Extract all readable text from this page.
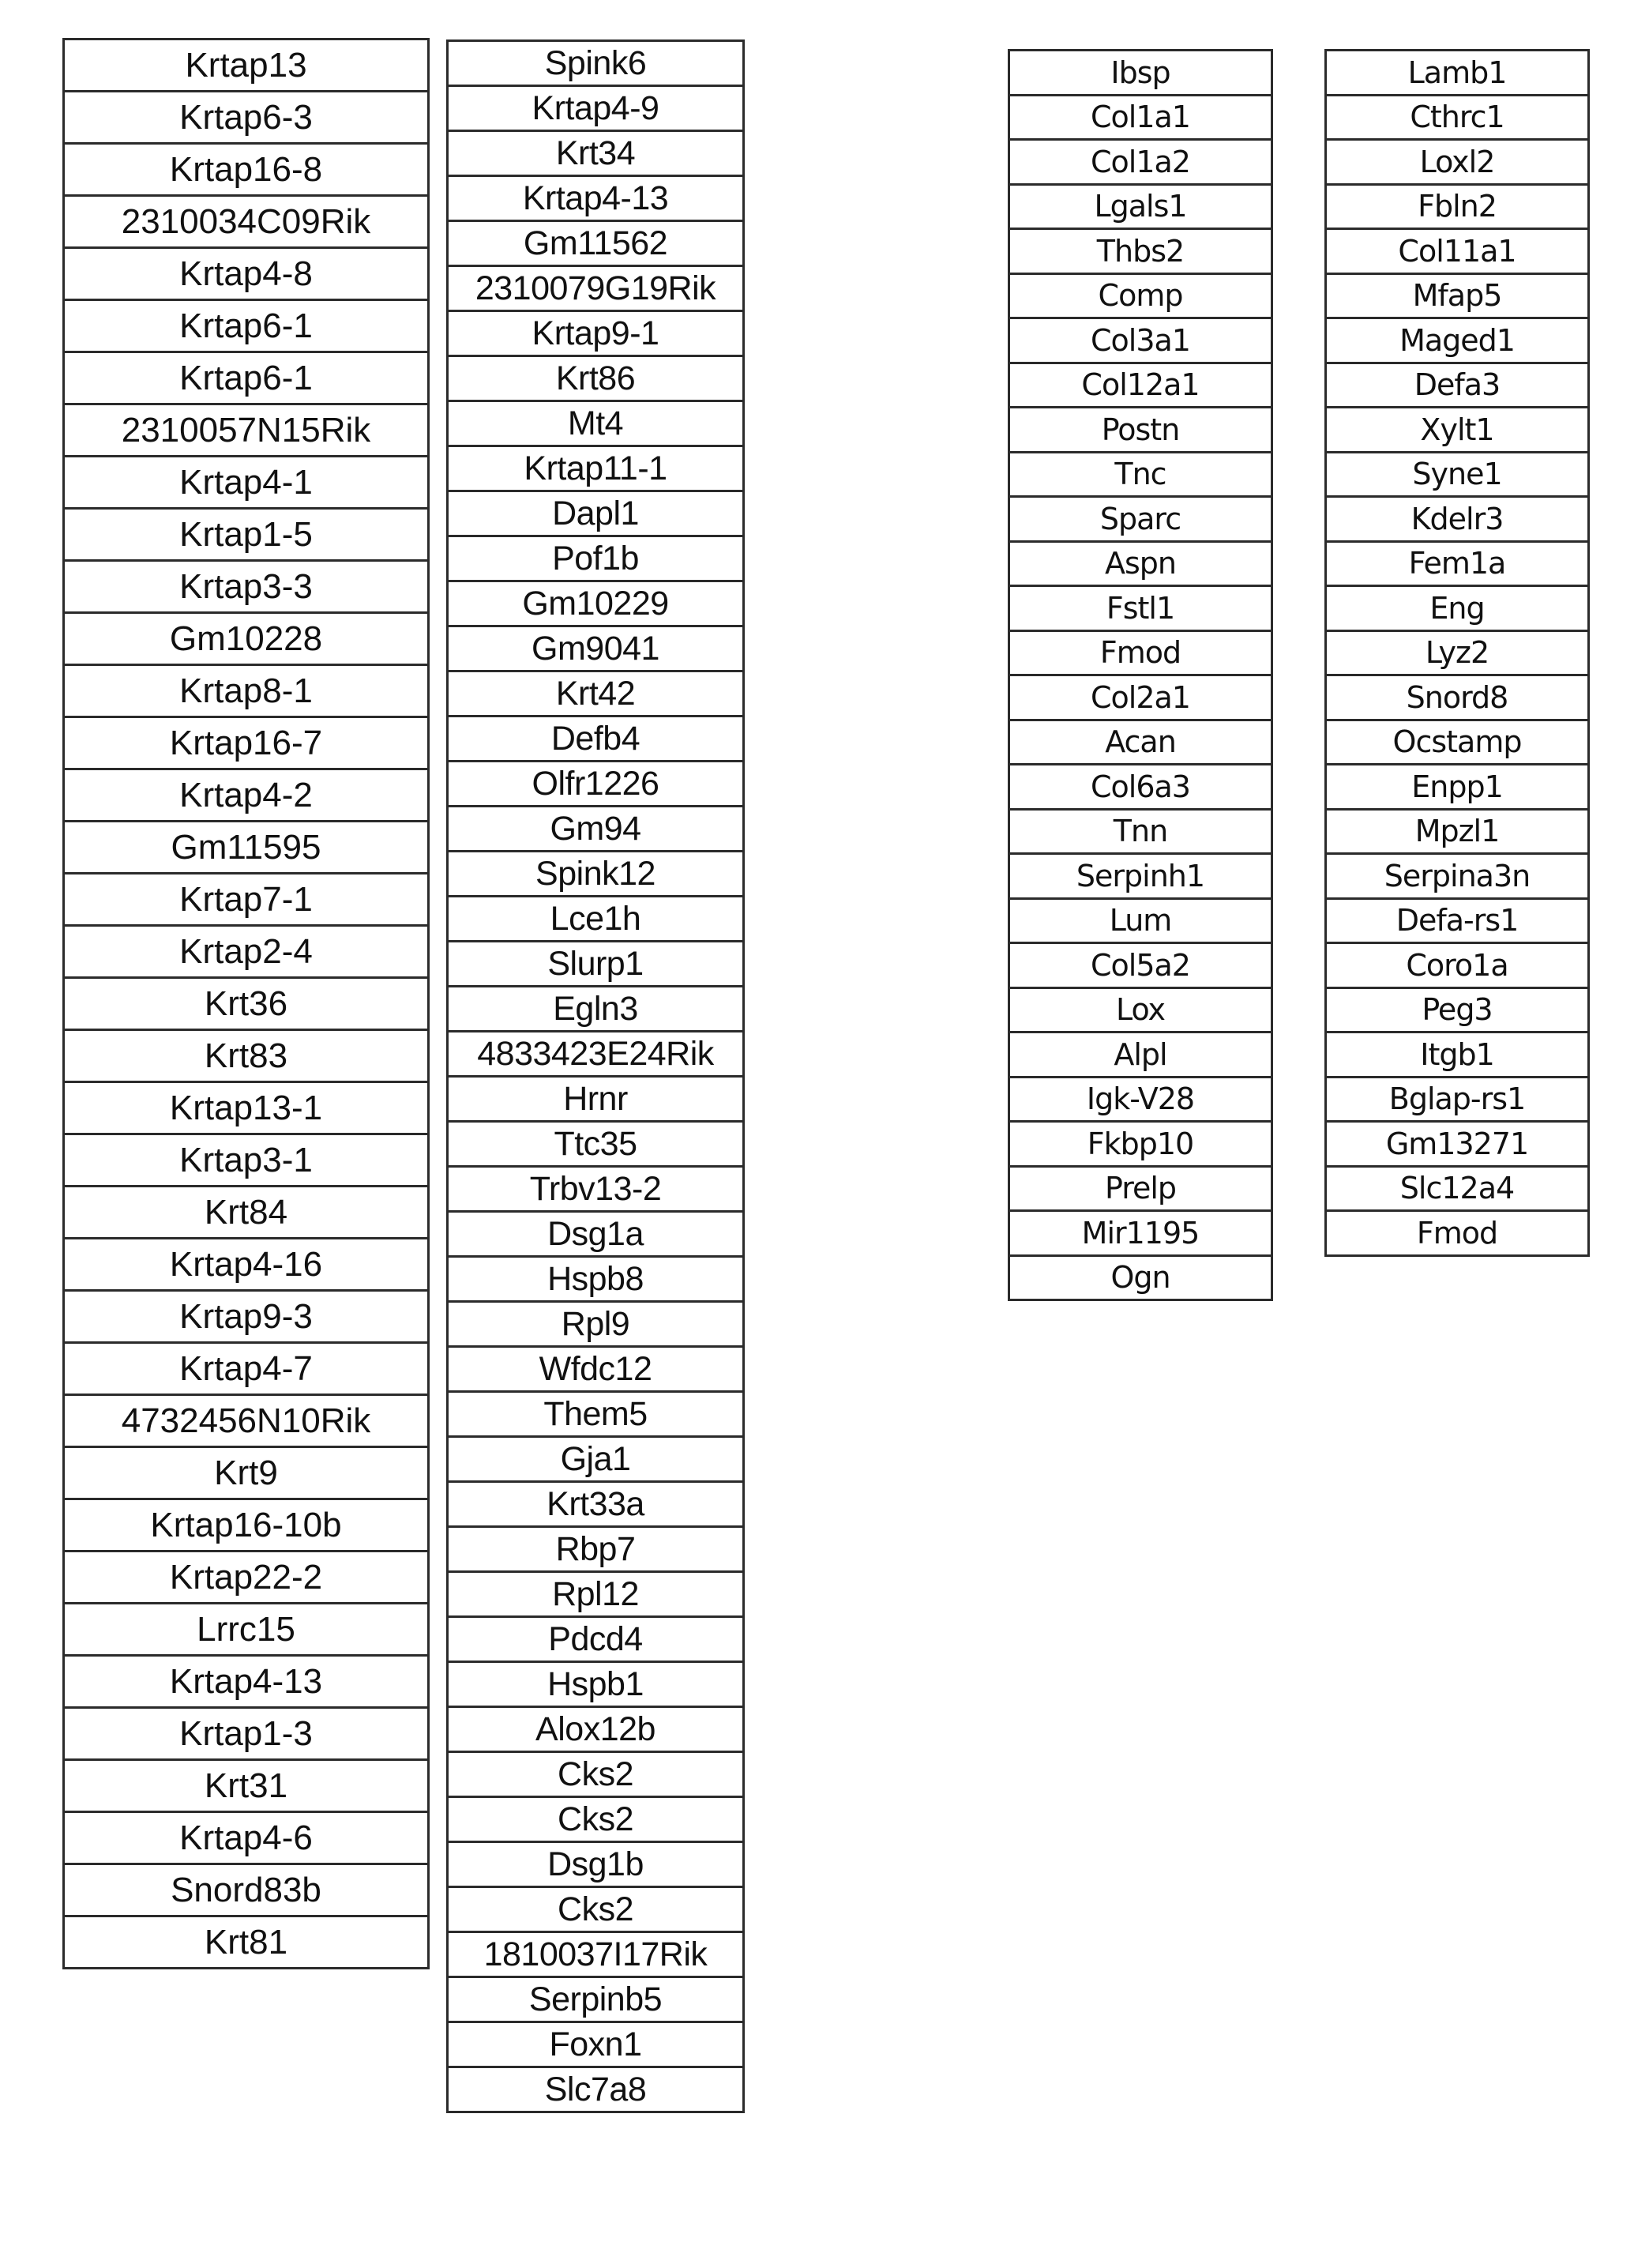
Krtap13
Krtap6-3
Krtap16-8
2310034C09Rik
Krtap4-8
Krtap6-1
Krtap6-1
2310057N15Rik
Krtap4-1
Krtap1-5
Krtap3-3
Gm10228
Krtap8-1
Krtap16-7
Krtap4-2
Gm11595
Krtap7-1
Krtap2-4
Krt36
Krt83
Krtap13-1
Krtap3-1
Krt84
Krtap4-16
Krtap9-3
Krtap4-7
4732456N10Rik
Krt9
Krtap16-10b
Krtap22-2
Lrrc15
Krtap4-13
Krtap1-3
Krt31
Krtap4-6
Snord83b
Krt81
Spink6
Krtap4-9
Krt34
Krtap4-13
Gm11562
2310079G19Rik
Krtap9-1
Krt86
Mt4
Krtap11-1
Dapl1
Pof1b
Gm10229
Gm9041
Krt42
Defb4
Olfr1226
Gm94
Spink12
Lce1h
Slurp1
Egln3
4833423E24Rik
Hrnr
Ttc35
Trbv13-2
Dsg1a
Hspb8
Rpl9
Wfdc12
Them5
Gja1
Krt33a
Rbp7
Rpl12
Pdcd4
Hspb1
Alox12b
Cks2
Cks2
Dsg1b
Cks2
1810037I17Rik
Serpinb5
Foxn1
Slc7a8
Ibsp
Col1a1
Col1a2
Lgals1
Thbs2
Comp
Col3a1
Col12a1
Postn
Tnc
Sparc
Aspn
Fstl1
Fmod
Col2a1
Acan
Col6a3
Tnn
Serpinh1
Lum
Col5a2
Lox
Alpl
Igk-V28
Fkbp10
Prelp
Mir1195
Ogn
Lamb1
Cthrc1
Loxl2
Fbln2
Col11a1
Mfap5
Maged1
Defa3
Xylt1
Syne1
Kdelr3
Fem1a
Eng
Lyz2
Snord8
Ocstamp
Enpp1
Mpzl1
Serpina3n
Defa-rs1
Coro1a
Peg3
Itgb1
Bglap-rs1
Gm13271
Slc12a4
Fmod
